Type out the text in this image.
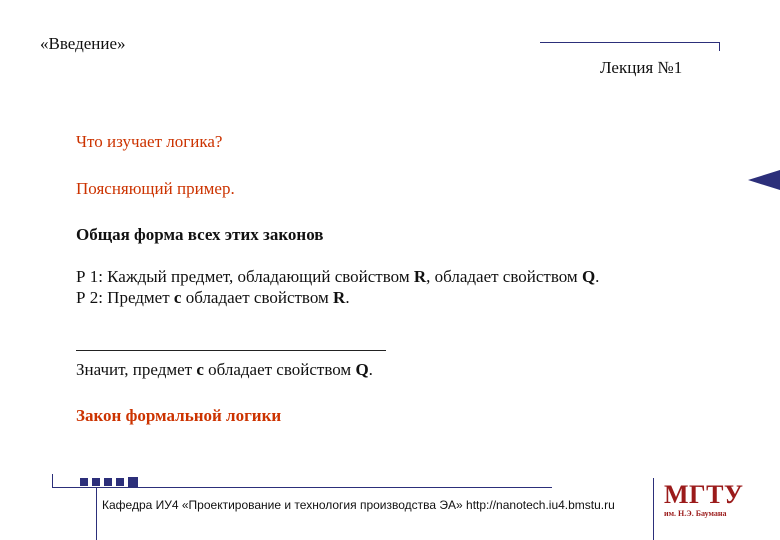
«Введение»
Лекция №1
Что изучает логика?
Поясняющий пример.
Общая форма всех этих законов
Р 1: Каждый предмет, обладающий свойством R, обладает свойством Q.
Р 2: Предмет с обладает свойством R.
Значит, предмет с обладает свойством Q.
Закон формальной логики
Кафедра ИУ4 «Проектирование и технология производства ЭА» http://nanotech.iu4.bmstu.ru МГТУ
им. Н.Э. Баумана
